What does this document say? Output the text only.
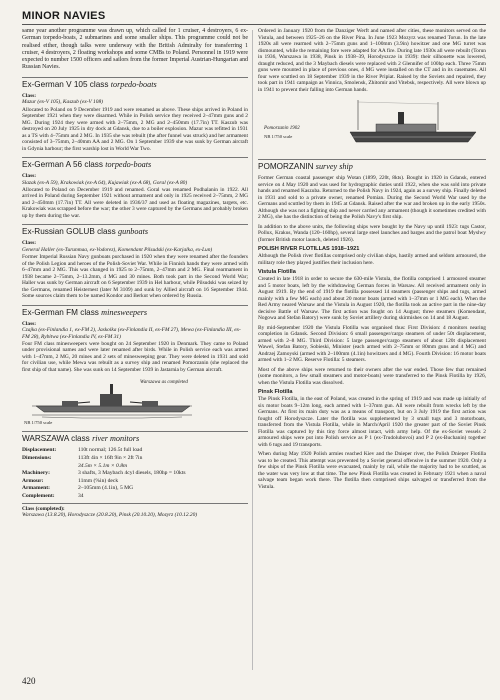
MINOR NAVIES

same year another programme was drawn up, which called for 1 cruiser, 4 destroyers, 6 ex-German torpedo-boats, 2 submarines and some smaller ships. This programme could not be realised either, though talks were underway with the British Admiralty for transferring 1 cruiser, 4 destroyers, 2 floating workshops and some CMBs to Poland. Personnel in 1919 were expected to number 1500 officers and sailors from the former Imperial Austrian-Hungarian and Russian Navies.

Ex-German V 105 class torpedo-boats
Class:
Mazur (ex-V 105), Kaszub (ex-V 108)

Allocated to Poland on 9 December 1919 and were renamed as above. These ships arrived in Poland in September 1921 when they were disarmed. While in Polish service they received 2–47mm guns and 2 MG. During 1924 they were armed with 2–75mm, 2 MG and 2–450mm (17.7in) TT. Kaszub was destroyed on 20 July 1925 in dry dock at Gdansk, due to a boiler explosion. Mazur was refitted in 1931 as a TS with 4–75mm and 2 MG. In 1935 she was rebuilt (the after funnel was struck) and her armament consisted of 3–75mm, 2–40mm AA and 2 MG. On 1 September 1939 she was sunk by German aircraft in Gdynia harbour; the first warship lost in World War Two.

Ex-German A 56 class torpedo-boats
Class:
Slazak (ex-A 59), Krakowiak (ex-A 64), Kujawiak (ex-A 68), Goral (ex-A 80)

Allocated to Poland on December 1919 and renamed. Goral was renamed Podhalanin in 1922. All arrived in Poland during September 1921 without armament and only in 1925 received 2–75mm, 2 MG and 2–450mm (17.7in) TT. All were deleted in 1936/37 and used as floating magazines, targets, etc. Krakowiak was scrapped before the war; the other 3 were captured by the Germans and probably broken up by them during the war.

Ex-Russian GOLUB class gunboats
Class:
General Haller (ex-Turunmaa, ex-Vodorez), Komendant Pilsudski (ex-Karjalka, ex-Lun)

Former Imperial Russian Navy gunboats purchased in 1920 when they were renamed after the founders of the Polish Legion and heroes of the Polish-Soviet War. While in Finnish hands they were armed with 6–47mm and 2 MG. This was changed in 1925 to 2–75mm, 2–47mm and 2 MG. Final rearmament in 1938 became 2–75mm, 2–13.2mm, 4 MG and 30 mines. Both took part in the Second World War; Haller was sunk by German aircraft on 6 September 1939 in Hel harbour, while Pilsudski was seized by the Germans, renamed Heisternest (later M 3109) and sunk by Allied aircraft on 16 September 1944. Some sources claim them to be named Kondor and Berkut when ordered by Russia.

Ex-German FM class minesweepers
Class:
Czajka (ex-Finlandia 1, ex-FM 2), Jaskolka (ex-Finlandia II, ex-FM 27), Mewa (ex-Finlandia III, ex-FM 28), Rybitwa (ex-Finlandia IV, ex-FM 31)

Four FM class minesweepers were bought on 24 September 1920 in Denmark. They came to Poland under provisional names and were later renamed after birds. While in Polish service each was armed with 1–47mm, 2 MG, 20 mines and 2 sets of minesweeping gear. They were deleted in 1931 and sold for civilian use, while Mewa was rebuilt as a survey ship and renamed Pomorzanin (she replaced the first ship of that name). She was sunk on 14 September 1939 in Jastarnia by German aircraft.

Warszawa as completed
NB 1/750 scale
WARSZAWA class river monitors
Displacement:	110t normal; 126.5t full load
Dimensions:	113ft 4in × 16ft 9in × 2ft 7in
34.5m × 5.1m × 0.8m
Machinery:	3 shafts, 3 Maybach 4cyl diesels, 180hp = 10kts
Armour:	11mm (%in) deck
Armament:	2–105mm (4.1in), 5 MG
Complement:	34
Class (completed):
Warszawa (13.8.20), Horodyszcze (20.8.20), Pinsk (20.10.20), Mozyrz (10.12.20)

Ordered in January 1920 from the Danziger Werft and named after cities, these monitors served on the Vistula, and between 1925–26 on the River Pina. In June 1923 Mozyrz was renamed Torun. In the late 1920s all were rearmed with 2–75mm guns and 1–100mm (3.9in) howitzer and one MG turret was dismounted, while the remaining fore were adapted for AA fire. During late 1930s all were rebuilt (Torun in 1936, Warszawa in 1938, Pinsk in 1938–39, Horodyszcze in 1939): their silhouette was lowered, draught reduced, and the 3 Maybach diesels were replaced with 2 Glennifer of 100hp each. Three 75mm guns were mounted in place of previous ones, 4 MG were installed on the CT and in its casemates. All four were scuttled on 18 September 1939 in the River Pripiat. Raised by the Soviets and repaired, they took part in 1941 campaign as Vinnica, Smolensk, Zhitomir and Vitebsk, respectively. All were blown up in 1941 to prevent their falling into German hands.

Pomorzanin 1902
NB 1/750 scale
POMORZANIN survey ship

Former German coastal passenger ship Wotan (1899, 220t, 8kts). Bought in 1920 in Gdansk, entered service on 4 May 1920 and was used for hydrographic duties until 1922, when she was sold into private hands and renamed Kaszuba. Returned to the Polish Navy in 1924, again as a survey ship. Finally deleted in 1931 and sold to a private owner, renamed Pomian. During the Second World War used by the Germans and scuttled by them in 1945 at Gdansk. Raised after the war and broken up in the early 1950s. Although she was not a fighting ship and never carried any armament (though it sometimes credited with 2 MG), she has the distinction of being the Polish Navy's first ship.

In addition to the above units, the following ships were bought by the Navy up until 1923: tugs Castor, Pollux, Krakus, Wanda (120–160hp), several large steel launches and barges and the patrol boat Myslwy (former British motor launch, deleted 1926).

POLISH RIVER FLOTILLAS 1918–1921

Although the Polish river flotillas comprised only civilian ships, hastily armed and seldom armoured, the military role they played justifies their inclusion here.

Vistula Flotilla

Created in late 1918 in order to secure the 630-mile Vistula, the flotilla comprised 1 armoured steamer and 5 motor boats, left by the withdrawing German forces in Warsaw. All received armament only in August 1919. By the end of 1919 the flotilla possessed 14 steamers (passenger ships and tugs, armed mainly with a few MG each) and about 20 motor boats (armed with 1–37mm or 1 MG each). When the Red Army neared Warsaw and the Vistula in August 1920, the flotilla took an active part in the nine-day decisive Battle of Warsaw. The first action was fought on 14 August; three steamers (Komendant, Nogowa and Stefan Batory) were sunk by Soviet artillery during skirmishes on 14 and 18 August.

By mid-September 1920 the Vistula Flotilla was organised thus: First Division: 4 monitors nearing completion in Gdansk. Second Division: 6 small passenger/cargo steamers of under 50t displacement, armed with 2–8 MG. Third Division: 5 large passenger/cargo steamers of about 120t displacement Wawel, Stefan Batory, Sobieski, Minister (each armed with 2–75mm or 80mm guns and 4 MG) and Andrzej Zamoyski (armed with 2–100mm (4.1in) howitzers and 4 MG). Fourth Division: 16 motor boats armed with 1–2 MG. Reserve Flotilla: 5 steamers.

Most of the above ships were returned to their owners after the war ended. Those few that remained (some monitors, a few small steamers and motor-boats) were transferred to the Pinsk Flotilla by 1926, when the Vistula Flotilla was dissolved.

Pinsk Flotilla

The Pinsk Flotilla, in the east of Poland, was created in the spring of 1919 and was made up initially of six motor boats 9–12m long, each armed with 1–37mm gun. All were rebuilt from wrecks left by the Germans. At first its main duty was as a means of transport, but on 3 July 1919 the first action was fought off Horodyszcze. Later the flotilla was supplemented by 3 small tugs and 3 motorboats, transferred from the Vistula Flotilla, while in March/April 1920 the greater part of the Soviet Pinsk Flotilla was captured by this tiny force almost intact, with army help. Of the ex-Soviet vessels 2 armoured ships were put into Polish service as P 1 (ex-Trudolubovoi) and P 2 (ex-Buchanin) together with 6 tugs and 19 transports.

When during May 1920 Polish armies reached Kiev and the Dnieper river, the Polish Dnieper Flotilla was to be created. This attempt was prevented by a Soviet general offensive in the summer 1920. Only a few ships of the Pinsk Flotilla were evacuated, mainly by rail, while the majority had to be scuttled, as the water was very low at that time. The new Pinsk Flotilla was created in February 1921 when a naval salvage team began work there. The flotilla then comprised ships salvaged or transferred from the Vistula.

420
